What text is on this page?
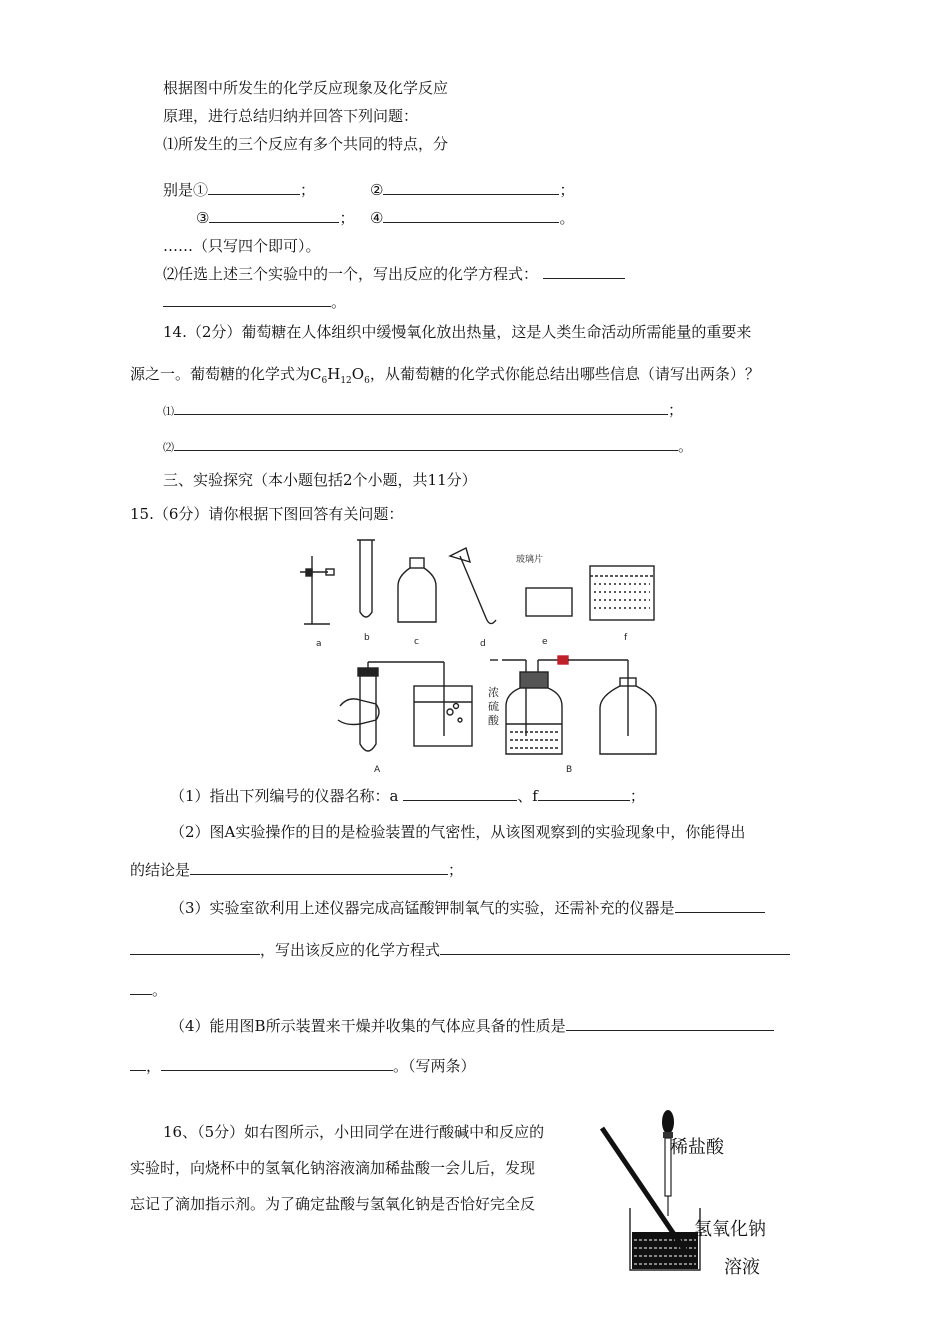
根据图中所发生的化学反应现象及化学反应
原理，进行总结归纳并回答下列问题：
⑴所发生的三个反应有多个共同的特点，分
别是①	；	②	；
③	； ④	。
……（只写四个即可）。
⑵任选上述三个实验中的一个，写出反应的化学方程式：
。
14.（2分）葡萄糖在人体组织中缓慢氧化放出热量，这是人类生命活动所需能量的重要来
源之一。葡萄糖的化学式为$C_6H_{12}O_6$，从葡萄糖的化学式你能总结出哪些信息（请写出两条）？
⑴	；
⑵	。
三、实验探究（本小题包括2个小题，共11分）
15.（6分）请你根据下图回答有关问题：
a
b	c	d
玻璃片
e	f
A
浓
硫
酸
B
（1）指出下列编号的仪器名称：a	、f	；
（2）图A实验操作的目的是检验装置的气密性，从该图观察到的实验现象中，你能得出
的结论是	；
（3）实验室欲利用上述仪器完成高锰酸钾制氧气的实验，还需补充的仪器是
，写出该反应的化学方程式
。
（4）能用图B所示装置来干燥并收集的气体应具备的性质是
，	。（写两条）
16、（5分）如右图所示，小田同学在进行酸碱中和反应的
实验时，向烧杯中的氢氧化钠溶液滴加稀盐酸一会儿后，发现
忘记了滴加指示剂。为了确定盐酸与氢氧化钠是否恰好完全反
稀盐酸
氢氧化钠
溶液
